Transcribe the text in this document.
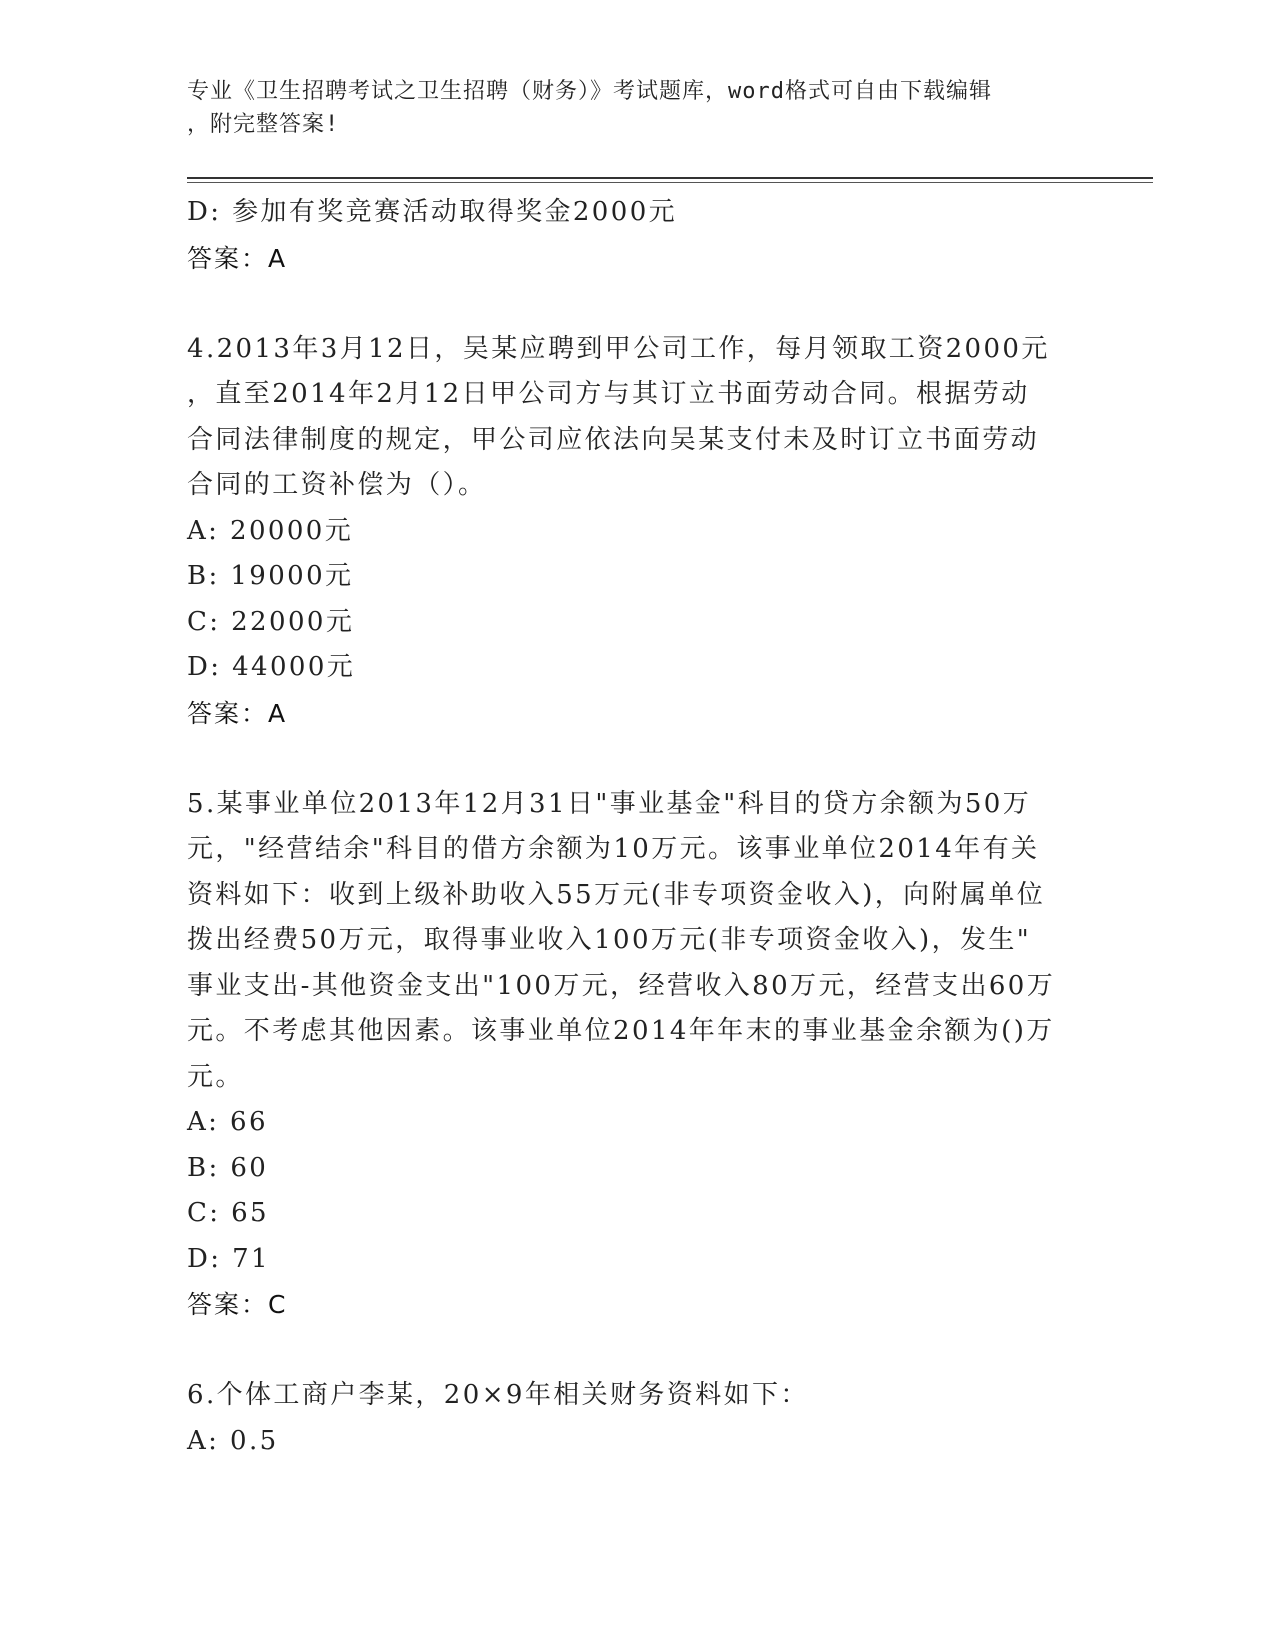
专业《卫生招聘考试之卫生招聘（财务）》考试题库，word格式可自由下载编辑
，附完整答案!
D: 参加有奖竞赛活动取得奖金2000元
答案：A
4.2013年3月12日，吴某应聘到甲公司工作，每月领取工资2000元
，直至2014年2月12日甲公司方与其订立书面劳动合同。根据劳动
合同法律制度的规定，甲公司应依法向吴某支付未及时订立书面劳动
合同的工资补偿为（）。
A: 20000元
B: 19000元
C: 22000元
D: 44000元
答案：A
5.某事业单位2013年12月31日"事业基金"科目的贷方余额为50万
元，"经营结余"科目的借方余额为10万元。该事业单位2014年有关
资料如下：收到上级补助收入55万元(非专项资金收入)，向附属单位
拨出经费50万元，取得事业收入100万元(非专项资金收入)，发生"
事业支出-其他资金支出"100万元，经营收入80万元，经营支出60万
元。不考虑其他因素。该事业单位2014年年末的事业基金余额为()万
元。
A: 66
B: 60
C: 65
D: 71
答案：C
6.个体工商户李某，20×9年相关财务资料如下：
A: 0.5
